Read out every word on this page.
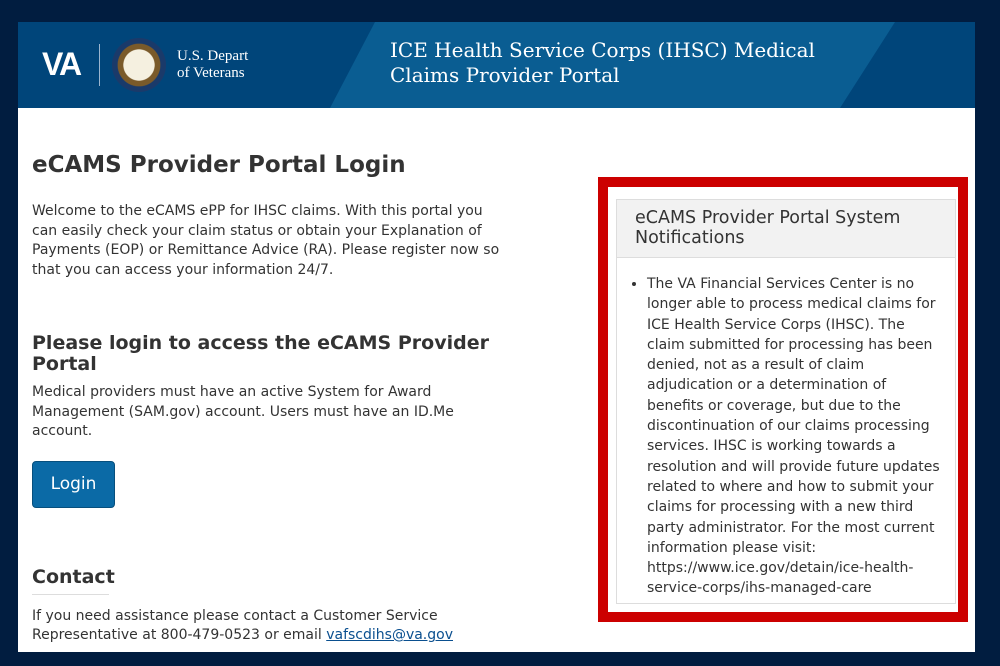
VA	U.S. Depart
of Veterans
ICE Health Service Corps (IHSC) Medical
Claims Provider Portal
eCAMS Provider Portal Login

Welcome to the eCAMS ePP for IHSC claims. With this portal you can easily check your claim status or obtain your Explanation of Payments (EOP) or Remittance Advice (RA). Please register now so that you can access your information 24/7.

Please login to access the eCAMS Provider Portal

Medical providers must have an active System for Award Management (SAM.gov) account. Users must have an ID.Me account.

Login
Contact

If you need assistance please contact a Customer Service Representative at 800-479-0523 or email vafscdihs@va.gov

eCAMS Provider Portal System Notifications
• The VA Financial Services Center is no longer able to process medical claims for ICE Health Service Corps (IHSC). The claim submitted for processing has been denied, not as a result of claim adjudication or a determination of benefits or coverage, but due to the discontinuation of our claims processing services. IHSC is working towards a resolution and will provide future updates related to where and how to submit your claims for processing with a new third party administrator. For the most current information please visit: https://www.ice.gov/detain/ice-health-service-corps/ihs-managed-care
